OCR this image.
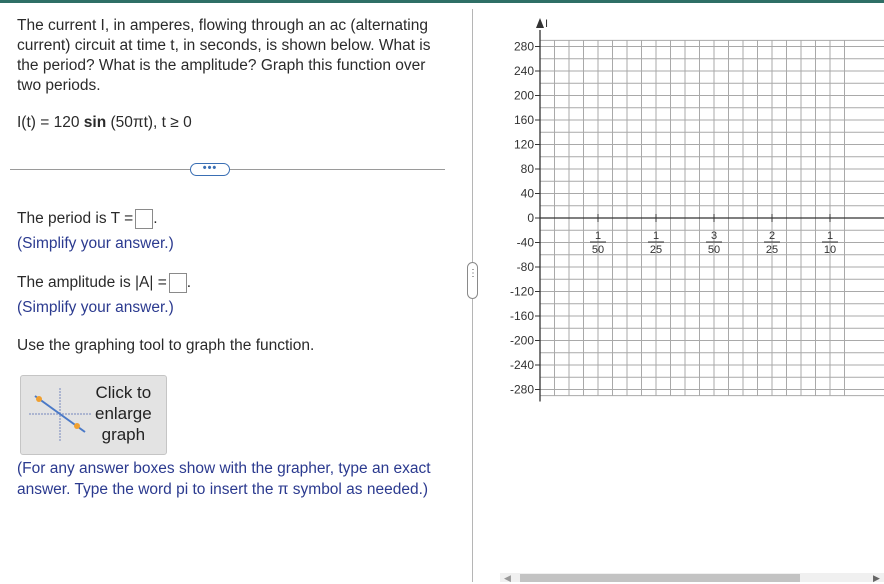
The current I, in amperes, flowing through an ac (alternating current) circuit at time t, in seconds, is shown below. What is the period? What is the amplitude? Graph this function over two periods.
I(t) = 120 sin (50πt), t ≥ 0
•••
The period is T = .
(Simplify your answer.)
The amplitude is |A| = .
(Simplify your answer.)
Use the graphing tool to graph the function.
Click to
enlarge
graph
(For any answer boxes show with the grapher, type an exact answer. Type the word pi to insert the π symbol as needed.)
⋮
I
280
240
200
160
120
80
40
0
-40
-80
-120
-160
-200
-240
-280
1
50
1
25
3
50
2
25
1
10
◀	▶
